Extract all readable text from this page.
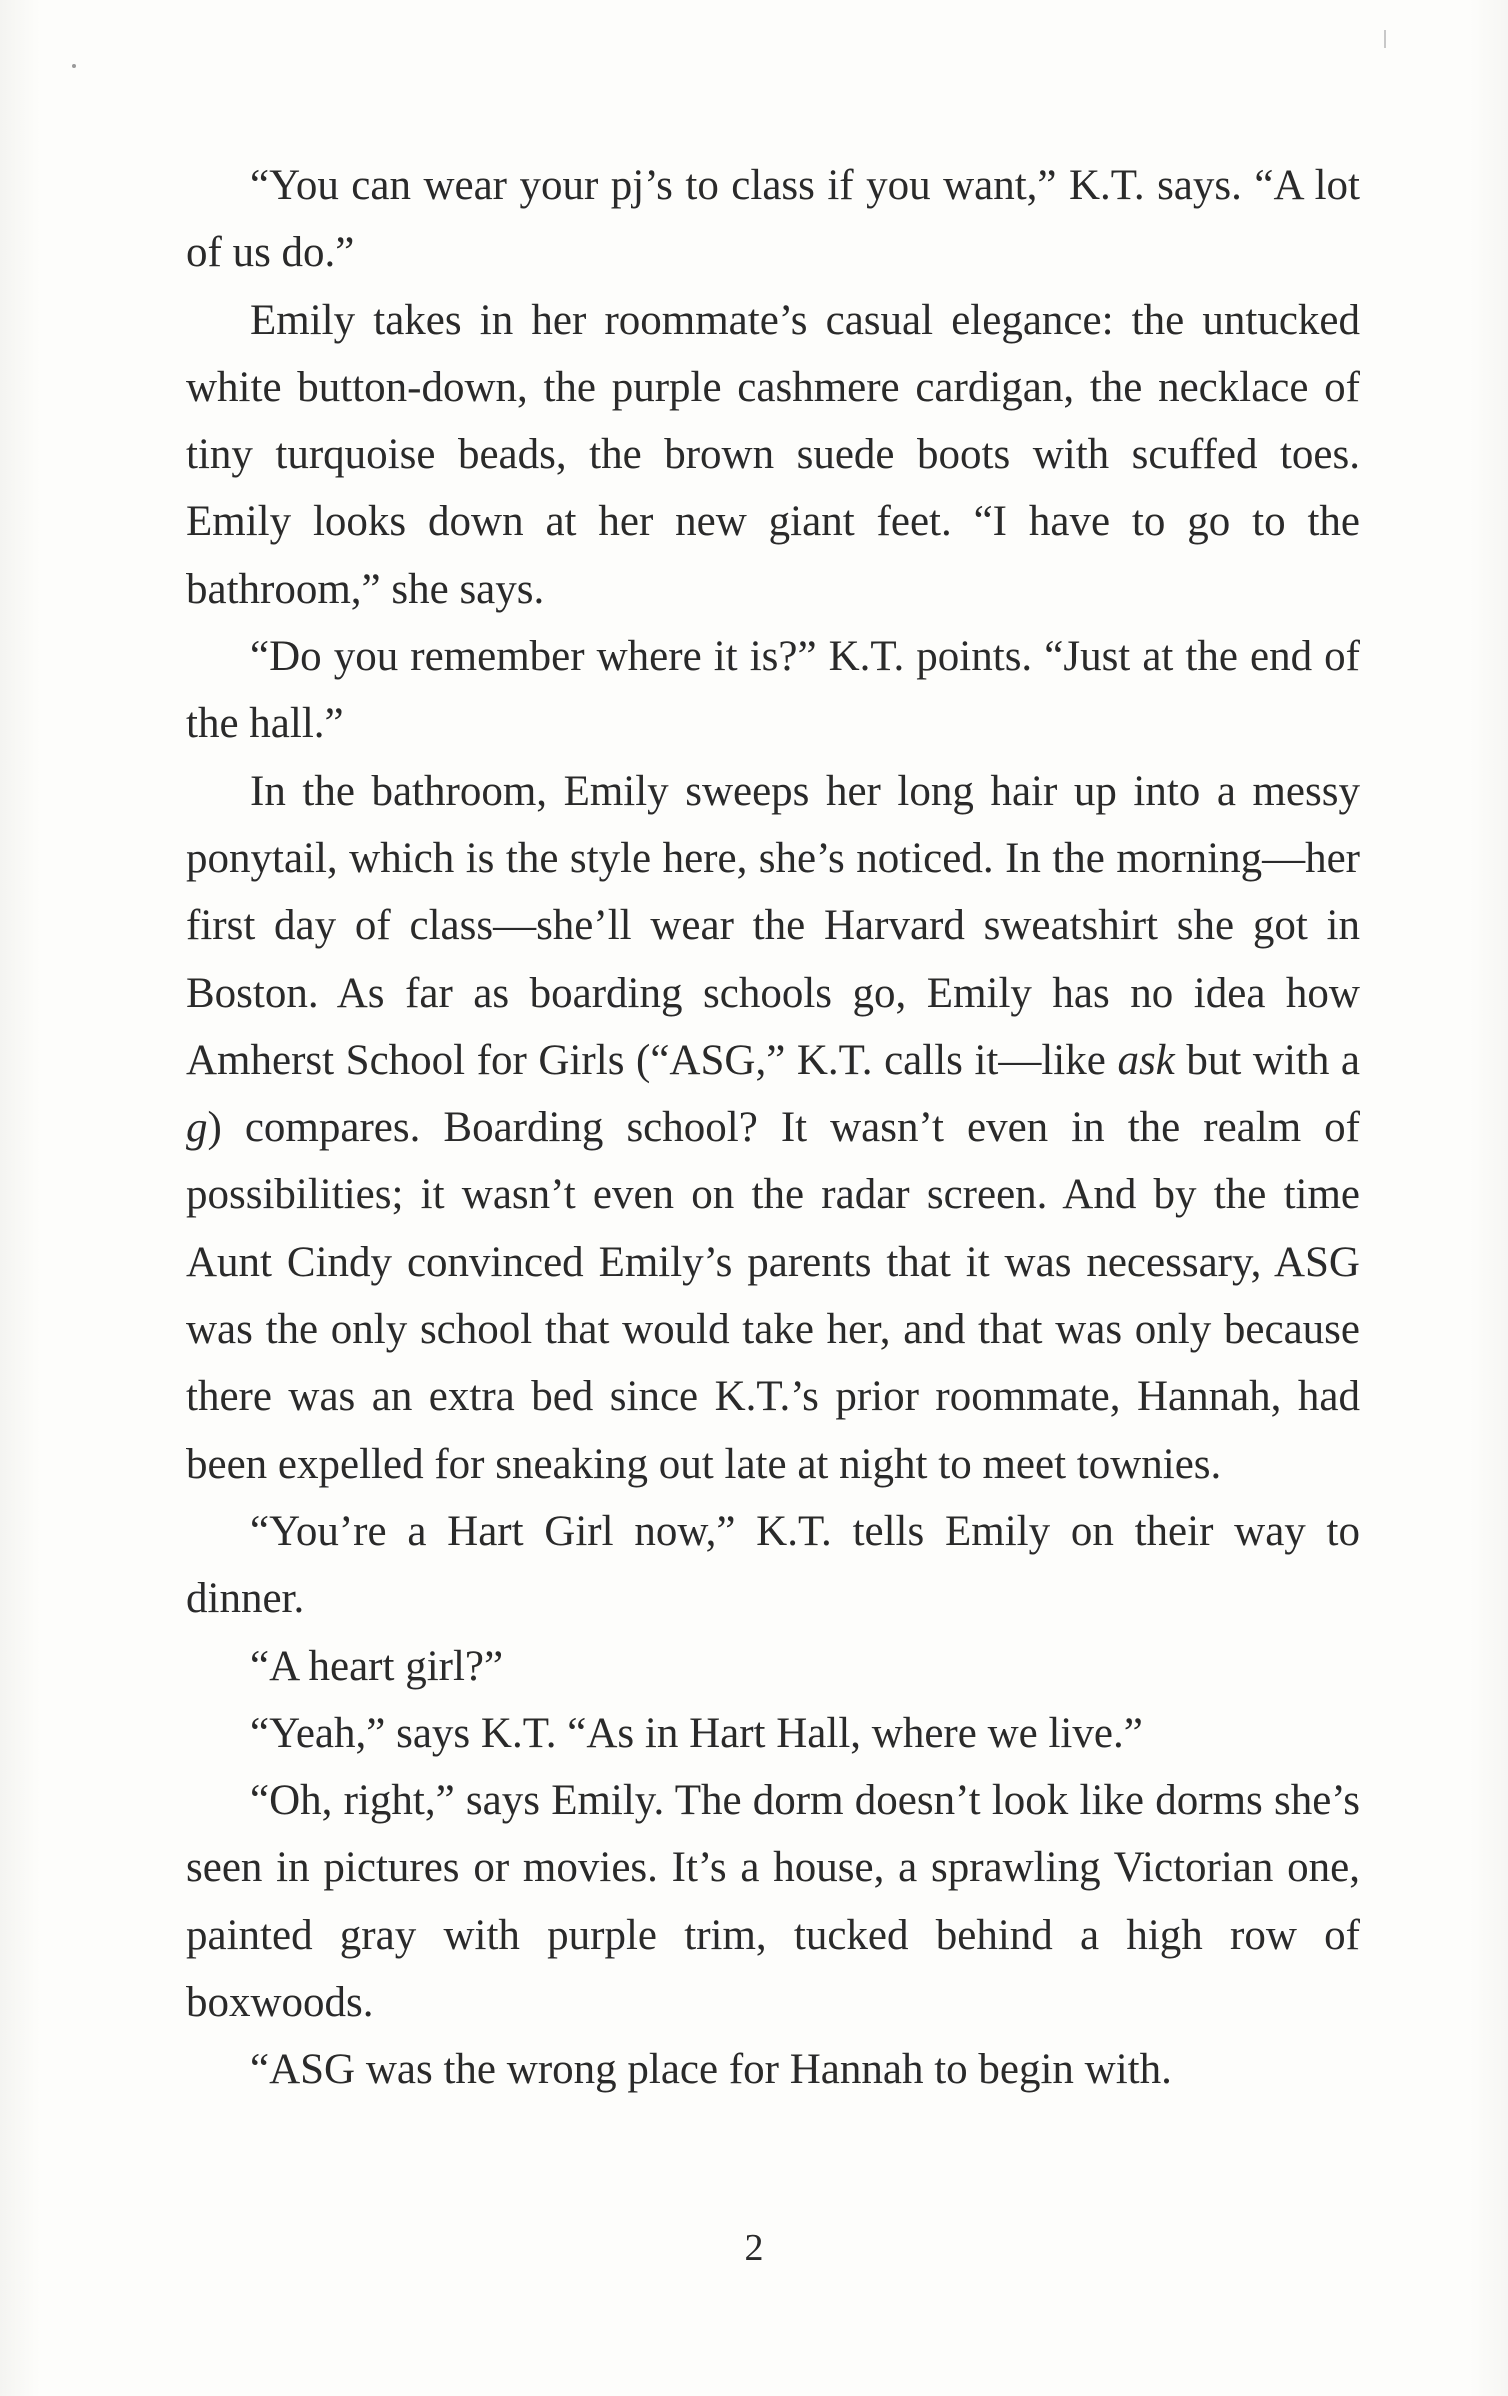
“You can wear your pj’s to class if you want,” K.T. says. “A lot of us do.”

Emily takes in her roommate’s casual elegance: the untucked white button-down, the purple cashmere cardigan, the necklace of tiny turquoise beads, the brown suede boots with scuffed toes. Emily looks down at her new giant feet. “I have to go to the bathroom,” she says.

“Do you remember where it is?” K.T. points. “Just at the end of the hall.”

In the bathroom, Emily sweeps her long hair up into a messy ponytail, which is the style here, she’s noticed. In the morning—her first day of class—she’ll wear the Harvard sweatshirt she got in Boston. As far as boarding schools go, Emily has no idea how Amherst School for Girls (“ASG,” K.T. calls it—like ask but with a g) compares. Boarding school? It wasn’t even in the realm of possibilities; it wasn’t even on the radar screen. And by the time Aunt Cindy convinced Emily’s parents that it was necessary, ASG was the only school that would take her, and that was only because there was an extra bed since K.T.’s prior roommate, Hannah, had been expelled for sneaking out late at night to meet townies.

“You’re a Hart Girl now,” K.T. tells Emily on their way to dinner.

“A heart girl?”

“Yeah,” says K.T. “As in Hart Hall, where we live.”

“Oh, right,” says Emily. The dorm doesn’t look like dorms she’s seen in pictures or movies. It’s a house, a sprawling Victorian one, painted gray with purple trim, tucked behind a high row of boxwoods.

“ASG was the wrong place for Hannah to begin with.

2
